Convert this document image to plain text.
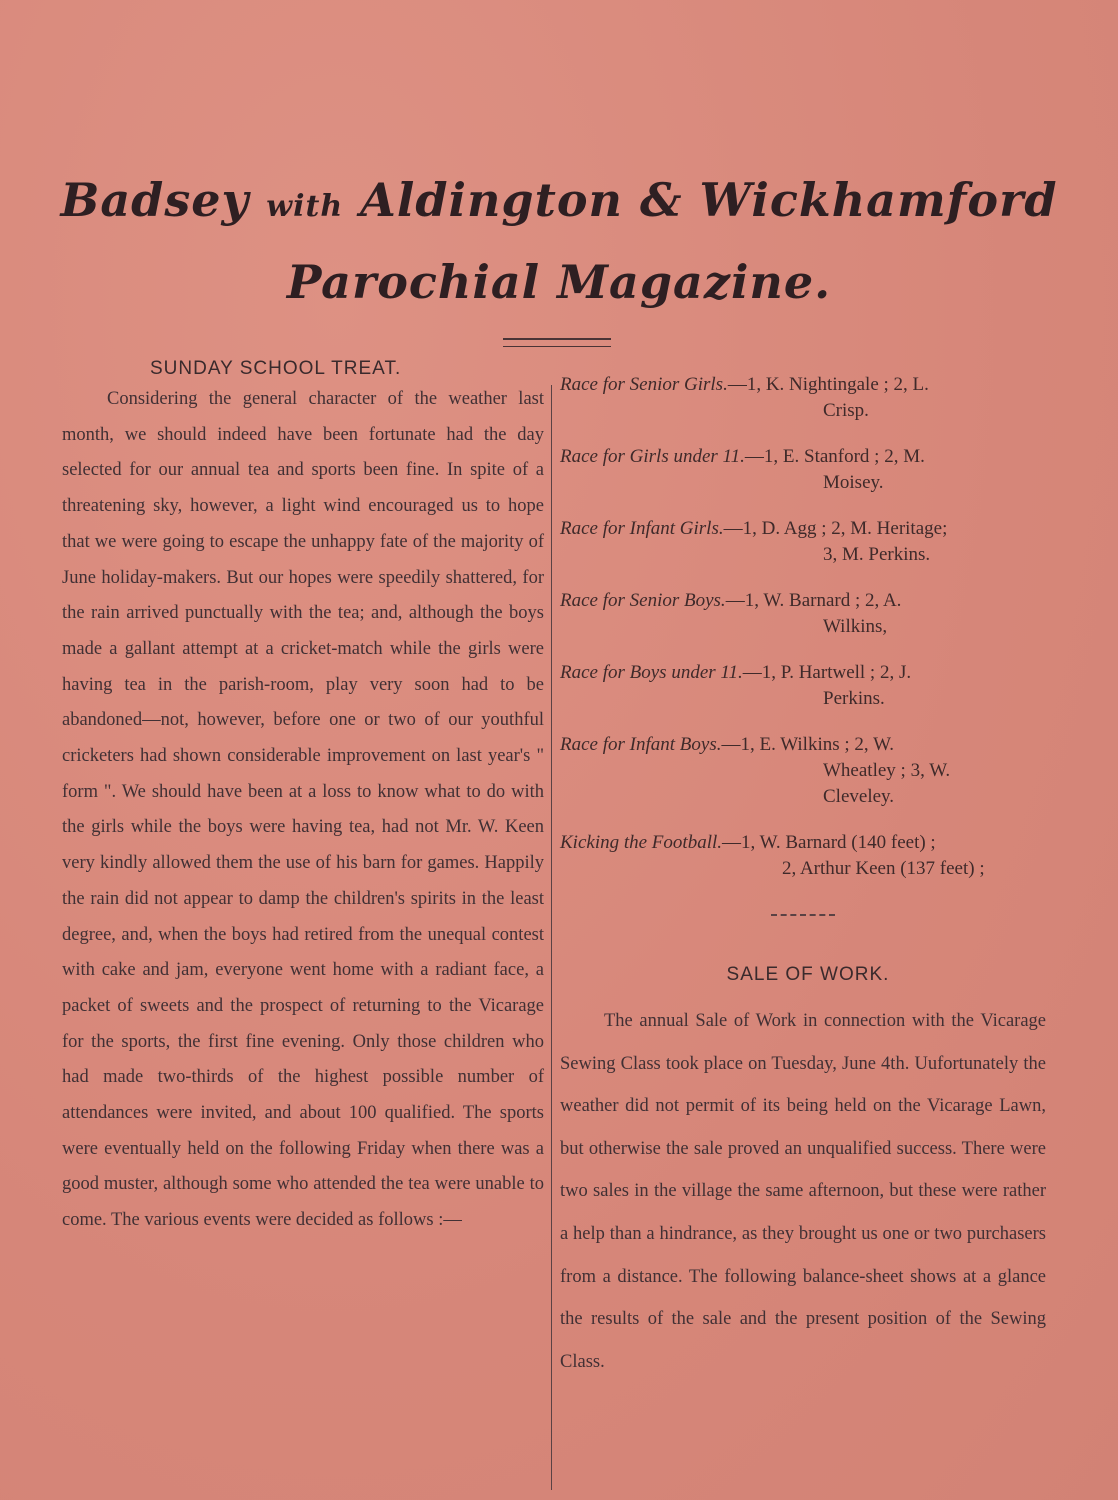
Badsey with Aldington & Wickhamford
Parochial Magazine.
SUNDAY SCHOOL TREAT.

Considering the general character of the weather last month, we should indeed have been fortunate had the day selected for our annual tea and sports been fine. In spite of a threatening sky, however, a light wind encouraged us to hope that we were going to escape the unhappy fate of the majority of June holiday-makers. But our hopes were speedily shattered, for the rain arrived punctually with the tea; and, although the boys made a gallant attempt at a cricket-match while the girls were having tea in the parish-room, play very soon had to be abandoned—not, however, before one or two of our youthful cricketers had shown considerable improvement on last year's " form ". We should have been at a loss to know what to do with the girls while the boys were having tea, had not Mr. W. Keen very kindly allowed them the use of his barn for games. Happily the rain did not appear to damp the children's spirits in the least degree, and, when the boys had retired from the unequal contest with cake and jam, everyone went home with a radiant face, a packet of sweets and the prospect of returning to the Vicarage for the sports, the first fine evening. Only those children who had made two-thirds of the highest possible number of attendances were invited, and about 100 qualified. The sports were eventually held on the following Friday when there was a good muster, although some who attended the tea were unable to come. The various events were decided as follows :—

Race for Senior Girls.—1, K. Nightingale ; 2, L.
Crisp.
Race for Girls under 11.—1, E. Stanford ; 2, M.
Moisey.
Race for Infant Girls.—1, D. Agg ; 2, M. Heritage;
3, M. Perkins.
Race for Senior Boys.—1, W. Barnard ; 2, A.
Wilkins,
Race for Boys under 11.—1, P. Hartwell ; 2, J.
Perkins.
Race for Infant Boys.—1, E. Wilkins ; 2, W.
Wheatley ; 3, W.
Cleveley.
Kicking the Football.—1, W. Barnard (140 feet) ;
2, Arthur Keen (137 feet) ;
SALE OF WORK.

The annual Sale of Work in connection with the Vicarage Sewing Class took place on Tuesday, June 4th. Uufortunately the weather did not permit of its being held on the Vicarage Lawn, but otherwise the sale proved an unqualified success. There were two sales in the village the same afternoon, but these were rather a help than a hindrance, as they brought us one or two purchasers from a distance. The following balance-sheet shows at a glance the results of the sale and the present position of the Sewing Class.
